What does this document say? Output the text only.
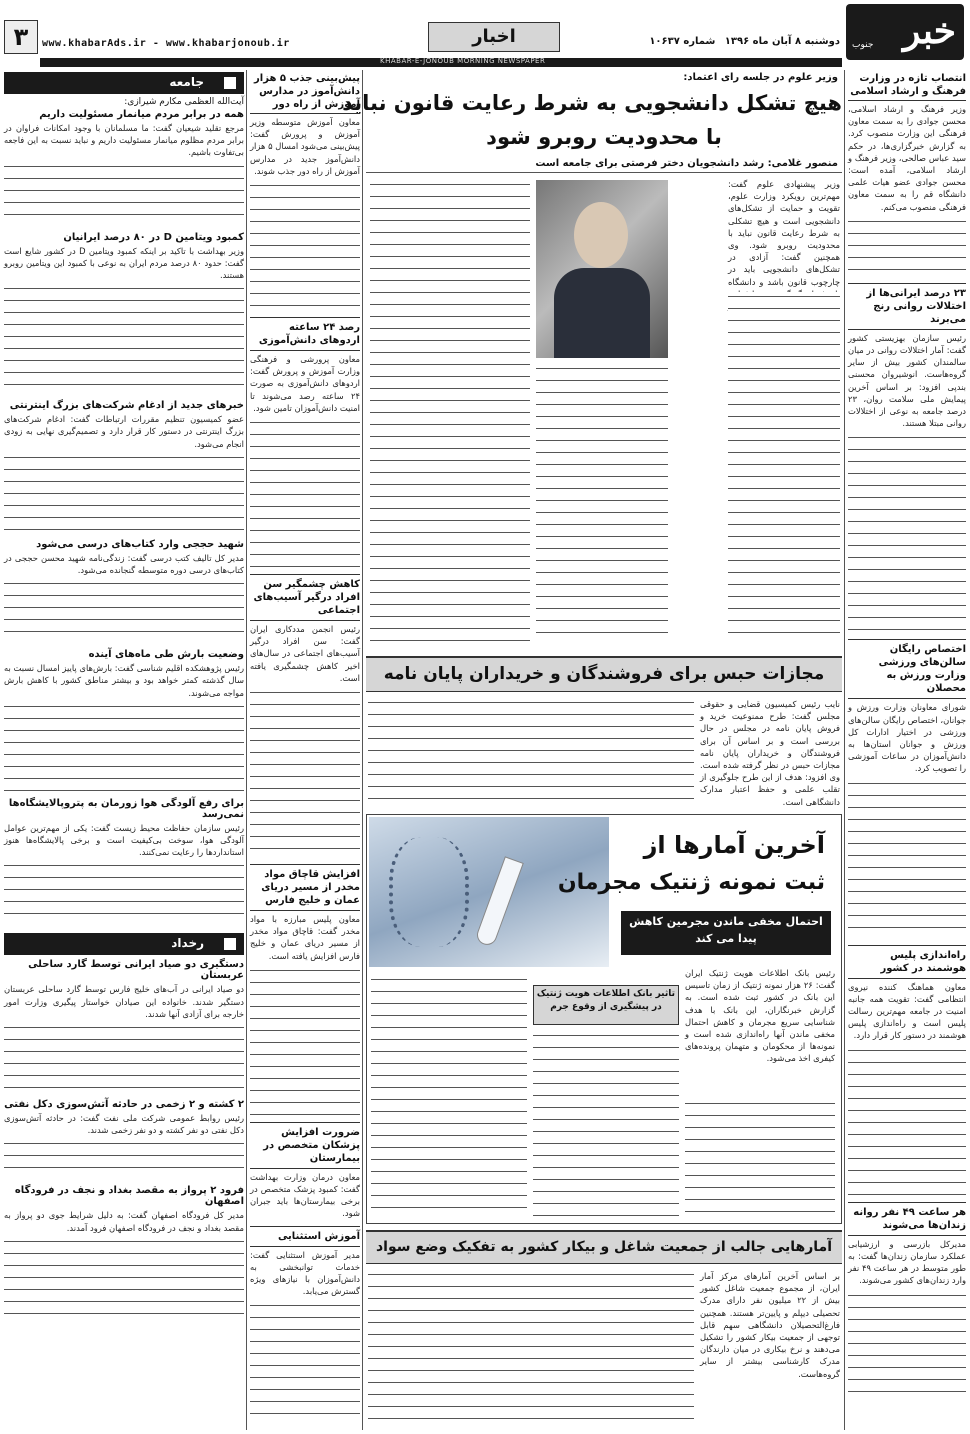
خبر
جنوب
دوشنبه ۸ آبان ماه ۱۳۹۶ شماره ۱۰۶۳۷
اخبار
www.khabarAds.ir - www.khabarjonoub.ir
۳
KHABAR-E-JONOUB MORNING NEWSPAPER
انتصاب تازه در وزارت فرهنگ و ارشاد اسلامی
وزیر فرهنگ و ارشاد اسلامی، محسن جوادی را به سمت معاون فرهنگی این وزارت منصوب کرد. به گزارش خبرگزاری‌ها، در حکم سید عباس صالحی، وزیر فرهنگ و ارشاد اسلامی، آمده است: محسن جوادی عضو هیات علمی دانشگاه قم را به سمت معاون فرهنگی منصوب می‌کنم.
۲۳ درصد ایرانی‌ها از اختلالات روانی رنج می‌برند
رئیس سازمان بهزیستی کشور گفت: آمار اختلالات روانی در میان سالمندان کشور بیش از سایر گروه‌هاست. انوشیروان محسنی بندپی افزود: بر اساس آخرین پیمایش ملی سلامت روان، ۲۳ درصد جامعه به نوعی از اختلالات روانی مبتلا هستند.
اختصاص رایگان سالن‌های ورزشی وزارت ورزش به محصلان
شورای معاونان وزارت ورزش و جوانان، اختصاص رایگان سالن‌های ورزشی در اختیار ادارات کل ورزش و جوانان استان‌ها به دانش‌آموزان در ساعات آموزشی را تصویب کرد.
راه‌اندازی پلیس هوشمند در کشور
معاون هماهنگ کننده نیروی انتظامی گفت: تقویت همه جانبه امنیت در جامعه مهم‌ترین رسالت پلیس است و راه‌اندازی پلیس هوشمند در دستور کار قرار دارد.
هر ساعت ۴۹ نفر روانه زندان‌ها می‌شوند
مدیرکل بازرسی و ارزشیابی عملکرد سازمان زندان‌ها گفت: به طور متوسط در هر ساعت ۴۹ نفر وارد زندان‌های کشور می‌شوند.
وزیر علوم در جلسه رای اعتماد:
هیچ تشکل دانشجویی به شرط رعایت قانون نباید
با محدودیت روبرو شود
منصور غلامی: رشد دانشجویان دختر فرصتی برای جامعه است
وزیر پیشنهادی علوم گفت: مهم‌ترین رویکرد وزارت علوم، تقویت و حمایت از تشکل‌های دانشجویی است و هیچ تشکلی به شرط رعایت قانون نباید با محدودیت روبرو شود. وی همچنین گفت: آزادی در تشکل‌های دانشجویی باید در چارچوب قانون باشد و دانشگاه
مجازات حبس برای فروشندگان و خریداران پایان نامه
نایب رئیس کمیسیون قضایی و حقوقی مجلس گفت: طرح ممنوعیت خرید و فروش پایان نامه در مجلس در حال بررسی است و بر اساس آن برای فروشندگان و خریداران پایان نامه مجازات حبس در نظر گرفته شده است. وی افزود: هدف از این طرح جلوگیری از تقلب علمی و حفظ اعتبار مدارک دانشگاهی است.
آخرین آمارها از
ثبت نمونه ژنتیک مجرمان
احتمال مخفی ماندن مجرمین کاهش
پیدا می کند
رئیس بانک اطلاعات هویت ژنتیک ایران گفت: ۲۶ هزار نمونه ژنتیک از زمان تاسیس این بانک در کشور ثبت شده است. به گزارش خبرنگاران، این بانک با هدف شناسایی سریع مجرمان و کاهش احتمال مخفی ماندن آنها راه‌اندازی شده است و نمونه‌ها از محکومان و متهمان پرونده‌های کیفری اخذ می‌شود.
تاثیر بانک اطلاعات هویت ژنتیک
در پیشگیری از وقوع جرم
آمارهایی جالب از جمعیت شاغل و بیکار کشور به تفکیک وضع سواد
بر اساس آخرین آمارهای مرکز آمار ایران، از مجموع جمعیت شاغل کشور بیش از ۲۲ میلیون نفر دارای مدرک تحصیلی دیپلم و پایین‌تر هستند. همچنین فارغ‌التحصیلان دانشگاهی سهم قابل توجهی از جمعیت بیکار کشور را تشکیل می‌دهند و نرخ بیکاری در میان دارندگان مدرک کارشناسی بیشتر از سایر گروه‌هاست.
پیش‌بینی جذب ۵ هزار دانش‌آموز در مدارس آموزش از راه دور
معاون آموزش متوسطه وزیر آموزش و پرورش گفت: پیش‌بینی می‌شود امسال ۵ هزار دانش‌آموز جدید در مدارس آموزش از راه دور جذب شوند.
رصد ۲۴ ساعته اردوهای دانش‌آموزی
معاون پرورشی و فرهنگی وزارت آموزش و پرورش گفت: اردوهای دانش‌آموزی به صورت ۲۴ ساعته رصد می‌شوند تا امنیت دانش‌آموزان تامین شود.
کاهش چشمگیر سن افراد درگیر آسیب‌های اجتماعی
رئیس انجمن مددکاری ایران گفت: سن افراد درگیر آسیب‌های اجتماعی در سال‌های اخیر کاهش چشمگیری یافته است.
افزایش قاچاق مواد مخدر از مسیر دریای عمان و خلیج فارس
معاون پلیس مبارزه با مواد مخدر گفت: قاچاق مواد مخدر از مسیر دریای عمان و خلیج فارس افزایش یافته است.
ضرورت افزایش پزشکان متخصص در بیمارستان
معاون درمان وزارت بهداشت گفت: کمبود پزشک متخصص در برخی بیمارستان‌ها باید جبران شود.
آموزش استثنایی
مدیر آموزش استثنایی گفت: خدمات توانبخشی به دانش‌آموزان با نیازهای ویژه گسترش می‌یابد.
جامعه
آیت‌الله العظمی مکارم شیرازی:
همه در برابر مردم میانمار مسئولیت داریم
مرجع تقلید شیعیان گفت: ما مسلمانان با وجود امکانات فراوان در برابر مردم مظلوم میانمار مسئولیت داریم و نباید نسبت به این فاجعه بی‌تفاوت باشیم.
کمبود ویتامین D در ۸۰ درصد ایرانیان
وزیر بهداشت با تاکید بر اینکه کمبود ویتامین D در کشور شایع است گفت: حدود ۸۰ درصد مردم ایران به نوعی با کمبود این ویتامین روبرو هستند.
خبرهای جدید از ادغام شرکت‌های بزرگ اینترنتی
عضو کمیسیون تنظیم مقررات ارتباطات گفت: ادغام شرکت‌های بزرگ اینترنتی در دستور کار قرار دارد و تصمیم‌گیری نهایی به زودی انجام می‌شود.
شهید حججی وارد کتاب‌های درسی می‌شود
مدیر کل تالیف کتب درسی گفت: زندگی‌نامه شهید محسن حججی در کتاب‌های درسی دوره متوسطه گنجانده می‌شود.
وضعیت بارش طی ماه‌های آینده
رئیس پژوهشکده اقلیم شناسی گفت: بارش‌های پاییز امسال نسبت به سال گذشته کمتر خواهد بود و بیشتر مناطق کشور با کاهش بارش مواجه می‌شوند.
برای رفع آلودگی هوا زورمان به پتروپالایشگاه‌ها نمی‌رسد
رئیس سازمان حفاظت محیط زیست گفت: یکی از مهم‌ترین عوامل آلودگی هوا، سوخت بی‌کیفیت است و برخی پالایشگاه‌ها هنوز استانداردها را رعایت نمی‌کنند.
رخداد
دستگیری دو صیاد ایرانی توسط گارد ساحلی عربستان
دو صیاد ایرانی در آب‌های خلیج فارس توسط گارد ساحلی عربستان دستگیر شدند. خانواده این صیادان خواستار پیگیری وزارت امور خارجه برای آزادی آنها شدند.
۲ کشته و ۲ زخمی در حادثه آتش‌سوزی دکل نفتی
رئیس روابط عمومی شرکت ملی نفت گفت: در حادثه آتش‌سوزی دکل نفتی دو نفر کشته و دو نفر زخمی شدند.
فرود ۲ پرواز به مقصد بغداد و نجف در فرودگاه اصفهان
مدیر کل فرودگاه اصفهان گفت: به دلیل شرایط جوی دو پرواز به مقصد بغداد و نجف در فرودگاه اصفهان فرود آمدند.
